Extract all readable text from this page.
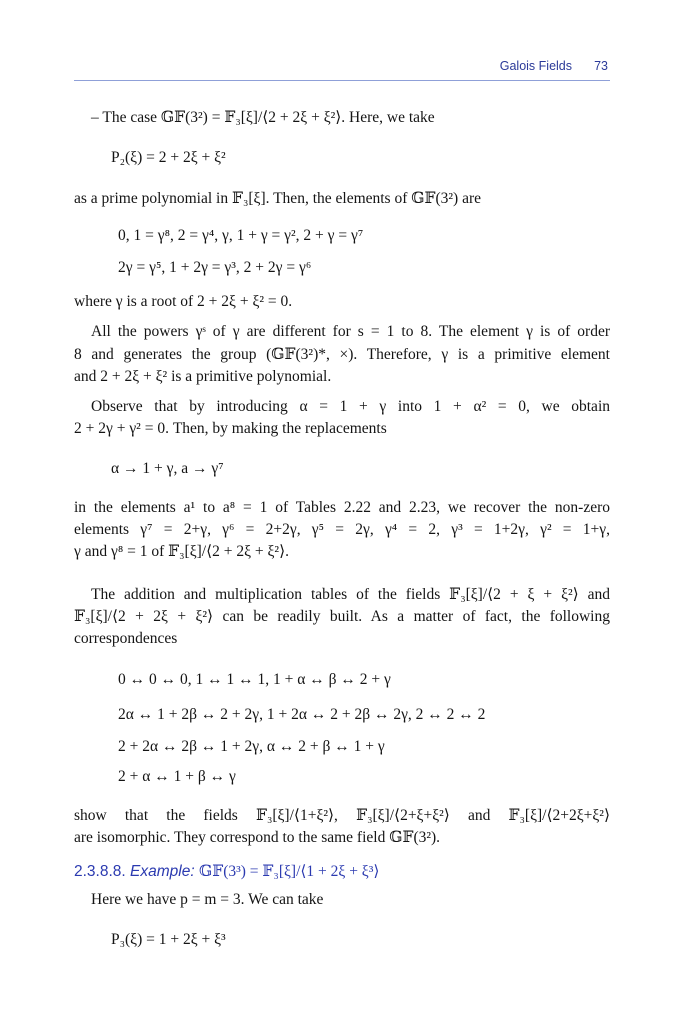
Galois Fields 73
– The case 𝔾𝔽(3²) = 𝔽₃[ξ]/⟨2 + 2ξ + ξ²⟩. Here, we take
P₂(ξ) = 2 + 2ξ + ξ²
as a prime polynomial in 𝔽₃[ξ]. Then, the elements of 𝔾𝔽(3²) are
0, 1 = γ⁸, 2 = γ⁴, γ, 1 + γ = γ², 2 + γ = γ⁷
2γ = γ⁵, 1 + 2γ = γ³, 2 + 2γ = γ⁶
where γ is a root of 2 + 2ξ + ξ² = 0.
All the powers γˢ of γ are different for s = 1 to 8. The element γ is of order
8 and generates the group (𝔾𝔽(3²)*, ×). Therefore, γ is a primitive element
and 2 + 2ξ + ξ² is a primitive polynomial.
Observe that by introducing α = 1 + γ into 1 + α² = 0, we obtain
2 + 2γ + γ² = 0. Then, by making the replacements
α → 1 + γ, a → γ⁷
in the elements a¹ to a⁸ = 1 of Tables 2.22 and 2.23, we recover the non-zero
elements γ⁷ = 2+γ, γ⁶ = 2+2γ, γ⁵ = 2γ, γ⁴ = 2, γ³ = 1+2γ, γ² = 1+γ,
γ and γ⁸ = 1 of 𝔽₃[ξ]/⟨2 + 2ξ + ξ²⟩.
The addition and multiplication tables of the fields 𝔽₃[ξ]/⟨2 + ξ + ξ²⟩ and
𝔽₃[ξ]/⟨2 + 2ξ + ξ²⟩ can be readily built. As a matter of fact, the following
correspondences
0 ↔ 0 ↔ 0, 1 ↔ 1 ↔ 1, 1 + α ↔ β ↔ 2 + γ
2α ↔ 1 + 2β ↔ 2 + 2γ, 1 + 2α ↔ 2 + 2β ↔ 2γ, 2 ↔ 2 ↔ 2
2 + 2α ↔ 2β ↔ 1 + 2γ, α ↔ 2 + β ↔ 1 + γ
2 + α ↔ 1 + β ↔ γ
show that the fields 𝔽₃[ξ]/⟨1+ξ²⟩, 𝔽₃[ξ]/⟨2+ξ+ξ²⟩ and 𝔽₃[ξ]/⟨2+2ξ+ξ²⟩
are isomorphic. They correspond to the same field 𝔾𝔽(3²).
2.3.8.8. Example: 𝔾𝔽(3³) = 𝔽₃[ξ]/⟨1 + 2ξ + ξ³⟩
Here we have p = m = 3. We can take
P₃(ξ) = 1 + 2ξ + ξ³
